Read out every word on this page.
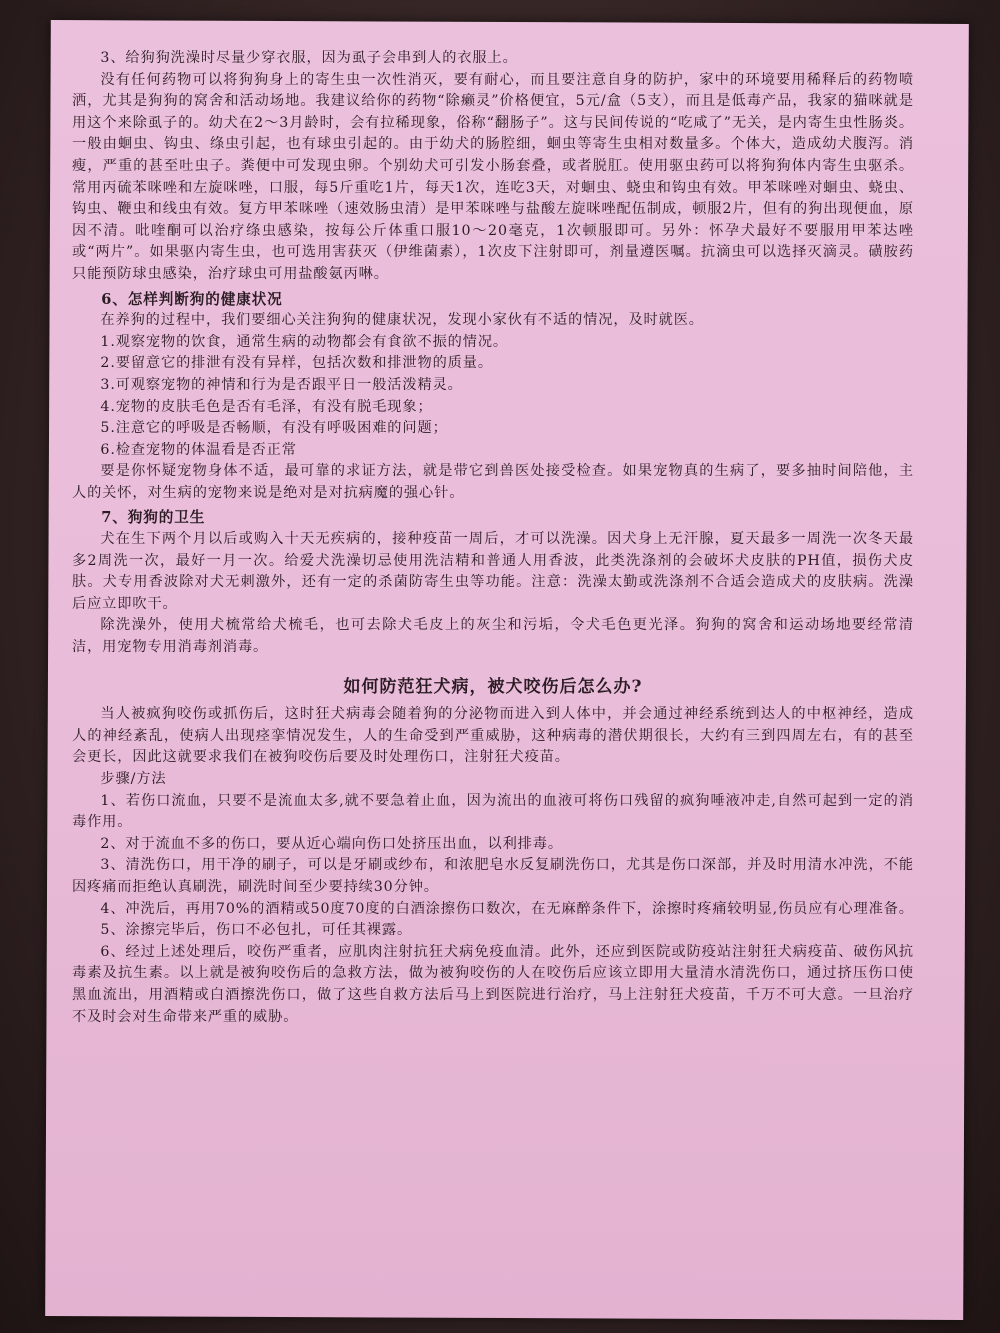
3、给狗狗洗澡时尽量少穿衣服，因为虱子会串到人的衣服上。

没有任何药物可以将狗狗身上的寄生虫一次性消灭，要有耐心，而且要注意自身的防护，家中的环境要用稀释后的药物喷洒，尤其是狗狗的窝舍和活动场地。我建议给你的药物“除癞灵”价格便宜，5元/盒（5支），而且是低毒产品，我家的猫咪就是用这个来除虱子的。幼犬在2～3月龄时，会有拉稀现象，俗称“翻肠子”。这与民间传说的“吃咸了”无关，是内寄生虫性肠炎。一般由蛔虫、钩虫、绦虫引起，也有球虫引起的。由于幼犬的肠腔细，蛔虫等寄生虫相对数量多。个体大，造成幼犬腹泻。消瘦，严重的甚至吐虫子。粪便中可发现虫卵。个别幼犬可引发小肠套叠，或者脱肛。使用驱虫药可以将狗狗体内寄生虫驱杀。常用丙硫苯咪唑和左旋咪唑，口服，每5斤重吃1片，每天1次，连吃3天，对蛔虫、蛲虫和钩虫有效。甲苯咪唑对蛔虫、蛲虫、钩虫、鞭虫和线虫有效。复方甲苯咪唑（速效肠虫清）是甲苯咪唑与盐酸左旋咪唑配伍制成，顿服2片，但有的狗出现便血，原因不清。吡喹酮可以治疗绦虫感染，按每公斤体重口服10～20毫克，1次顿服即可。另外：怀孕犬最好不要服用甲苯达唑或“两片”。如果驱内寄生虫，也可选用害获灭（伊维菌素），1次皮下注射即可，剂量遵医嘱。抗滴虫可以选择灭滴灵。磺胺药只能预防球虫感染，治疗球虫可用盐酸氨丙啉。

6、怎样判断狗的健康状况

在养狗的过程中，我们要细心关注狗狗的健康状况，发现小家伙有不适的情况，及时就医。

1.观察宠物的饮食，通常生病的动物都会有食欲不振的情况。

2.要留意它的排泄有没有异样，包括次数和排泄物的质量。

3.可观察宠物的神情和行为是否跟平日一般活泼精灵。

4.宠物的皮肤毛色是否有毛泽，有没有脱毛现象；

5.注意它的呼吸是否畅顺，有没有呼吸困难的问题；

6.检查宠物的体温看是否正常

要是你怀疑宠物身体不适，最可靠的求证方法，就是带它到兽医处接受检查。如果宠物真的生病了，要多抽时间陪他，主人的关怀，对生病的宠物来说是绝对是对抗病魔的强心针。

7、狗狗的卫生

犬在生下两个月以后或购入十天无疾病的，接种疫苗一周后，才可以洗澡。因犬身上无汗腺，夏天最多一周洗一次冬天最多2周洗一次，最好一月一次。给爱犬洗澡切忌使用洗洁精和普通人用香波，此类洗涤剂的会破坏犬皮肤的PH值，损伤犬皮肤。犬专用香波除对犬无刺激外，还有一定的杀菌防寄生虫等功能。注意：洗澡太勤或洗涤剂不合适会造成犬的皮肤病。洗澡后应立即吹干。

除洗澡外，使用犬梳常给犬梳毛，也可去除犬毛皮上的灰尘和污垢，令犬毛色更光泽。狗狗的窝舍和运动场地要经常清洁，用宠物专用消毒剂消毒。

如何防范狂犬病，被犬咬伤后怎么办?

当人被疯狗咬伤或抓伤后，这时狂犬病毒会随着狗的分泌物而进入到人体中，并会通过神经系统到达人的中枢神经，造成人的神经紊乱，使病人出现痉挛情况发生，人的生命受到严重威胁，这种病毒的潜伏期很长，大约有三到四周左右，有的甚至会更长，因此这就要求我们在被狗咬伤后要及时处理伤口，注射狂犬疫苗。

步骤/方法

1、若伤口流血，只要不是流血太多,就不要急着止血，因为流出的血液可将伤口残留的疯狗唾液冲走,自然可起到一定的消毒作用。

2、对于流血不多的伤口，要从近心端向伤口处挤压出血，以利排毒。

3、清洗伤口，用干净的刷子，可以是牙刷或纱布，和浓肥皂水反复刷洗伤口，尤其是伤口深部，并及时用清水冲洗，不能因疼痛而拒绝认真刷洗，刷洗时间至少要持续30分钟。

4、冲洗后，再用70%的酒精或50度70度的白酒涂擦伤口数次，在无麻醉条件下，涂擦时疼痛较明显,伤员应有心理准备。

5、涂擦完毕后，伤口不必包扎，可任其裸露。

6、经过上述处理后，咬伤严重者，应肌肉注射抗狂犬病免疫血清。此外，还应到医院或防疫站注射狂犬病疫苗、破伤风抗毒素及抗生素。以上就是被狗咬伤后的急救方法，做为被狗咬伤的人在咬伤后应该立即用大量清水清洗伤口，通过挤压伤口使黑血流出，用酒精或白酒擦洗伤口，做了这些自救方法后马上到医院进行治疗，马上注射狂犬疫苗，千万不可大意。一旦治疗不及时会对生命带来严重的威胁。
